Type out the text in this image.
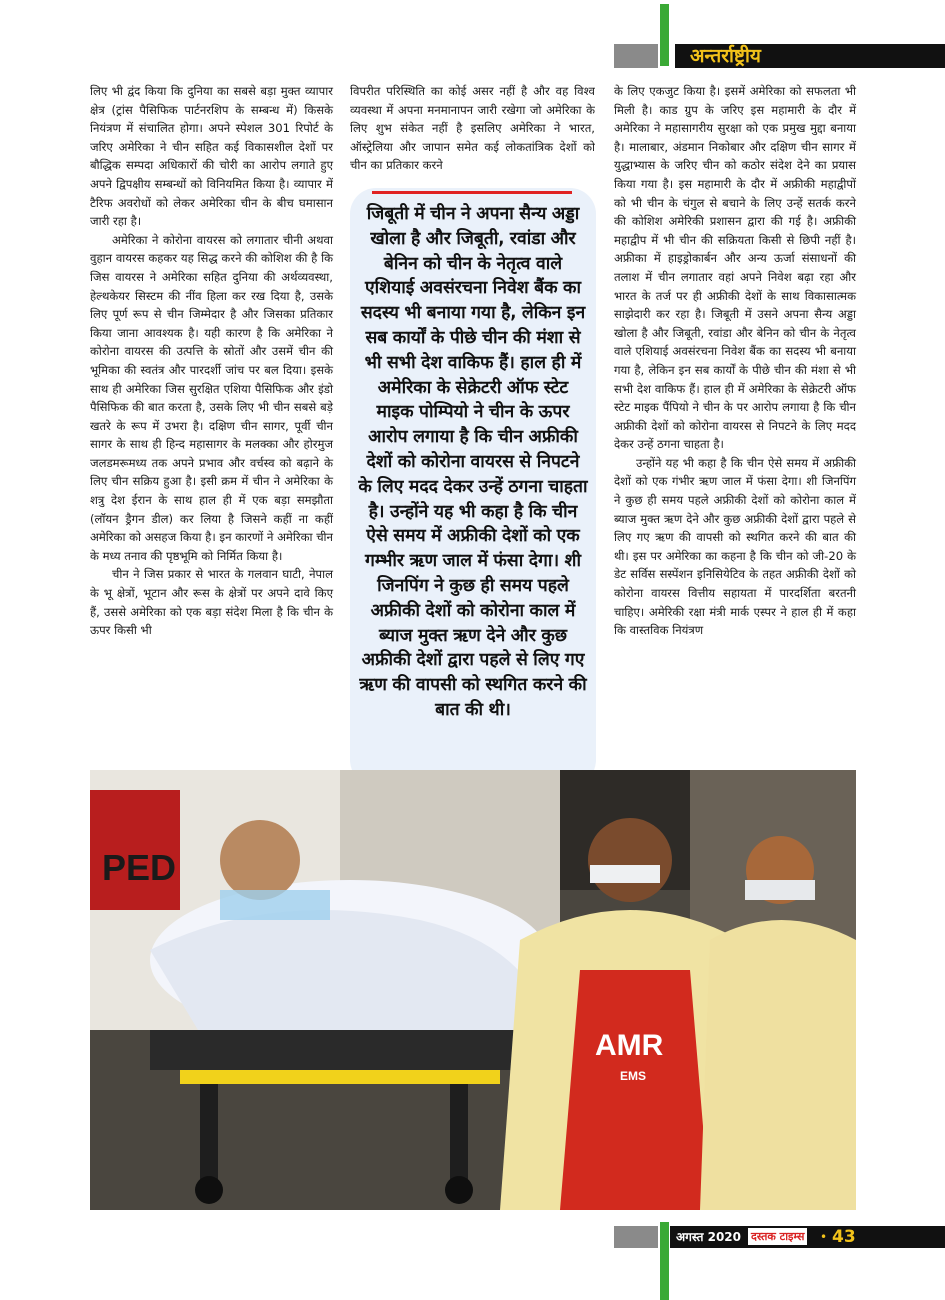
अन्तर्राष्ट्रीय

लिए भी द्वंद किया कि दुनिया का सबसे बड़ा मुक्त व्यापार क्षेत्र (ट्रांस पैसिफिक पार्टनरशिप के सम्बन्ध में) किसके नियंत्रण में संचालित होगा। अपने स्पेशल 301 रिपोर्ट के जरिए अमेरिका ने चीन सहित कई विकासशील देशों पर बौद्धिक सम्पदा अधिकारों की चोरी का आरोप लगाते हुए अपने द्विपक्षीय सम्बन्धों को विनियमित किया है। व्यापार में टैरिफ अवरोधों को लेकर अमेरिका चीन के बीच घमासान जारी रहा है।

अमेरिका ने कोरोना वायरस को लगातार चीनी अथवा वुहान वायरस कहकर यह सिद्ध करने की कोशिश की है कि जिस वायरस ने अमेरिका सहित दुनिया की अर्थव्यवस्था, हेल्थकेयर सिस्टम की नींव हिला कर रख दिया है, उसके लिए पूर्ण रूप से चीन जिम्मेदार है और जिसका प्रतिकार किया जाना आवश्यक है। यही कारण है कि अमेरिका ने कोरोना वायरस की उत्पत्ति के स्रोतों और उसमें चीन की भूमिका की स्वतंत्र और पारदर्शी जांच पर बल दिया। इसके साथ ही अमेरिका जिस सुरक्षित एशिया पैसिफिक और इंडो पैसिफिक की बात करता है, उसके लिए भी चीन सबसे बड़े खतरे के रूप में उभरा है। दक्षिण चीन सागर, पूर्वी चीन सागर के साथ ही हिन्द महासागर के मलक्का और होरमुज जलडमरूमध्य तक अपने प्रभाव और वर्चस्व को बढ़ाने के लिए चीन सक्रिय हुआ है। इसी क्रम में चीन ने अमेरिका के शत्रु देश ईरान के साथ हाल ही में एक बड़ा समझौता (लॉयन ड्रैगन डील) कर लिया है जिसने कहीं ना कहीं अमेरिका को असहज किया है। इन कारणों ने अमेरिका चीन के मध्य तनाव की पृष्ठभूमि को निर्मित किया है।

चीन ने जिस प्रकार से भारत के गलवान घाटी, नेपाल के भू क्षेत्रों, भूटान और रूस के क्षेत्रों पर अपने दावे किए हैं, उससे अमेरिका को एक बड़ा संदेश मिला है कि चीन के ऊपर किसी भी

विपरीत परिस्थिति का कोई असर नहीं है और वह विश्व व्यवस्था में अपना मनमानापन जारी रखेगा जो अमेरिका के लिए शुभ संकेत नहीं है इसलिए अमेरिका ने भारत, ऑस्ट्रेलिया और जापान समेत कई लोकतांत्रिक देशों को चीन का प्रतिकार करने

जिबूती में चीन ने अपना सैन्य अड्डा खोला है और जिबूती, रवांडा और बेनिन को चीन के नेतृत्व वाले एशियाई अवसंरचना निवेश बैंक का सदस्य भी बनाया गया है, लेकिन इन सब कार्यों के पीछे चीन की मंशा से भी सभी देश वाकिफ हैं। हाल ही में अमेरिका के सेक्रेटरी ऑफ स्टेट माइक पोम्पियो ने चीन के ऊपर आरोप लगाया है कि चीन अफ्रीकी देशों को कोरोना वायरस से निपटने के लिए मदद देकर उन्हें ठगना चाहता है। उन्होंने यह भी कहा है कि चीन ऐसे समय में अफ्रीकी देशों को एक गम्भीर ऋण जाल में फंसा देगा। शी जिनपिंग ने कुछ ही समय पहले अफ्रीकी देशों को कोरोना काल में ब्याज मुक्त ऋण देने और कुछ अफ्रीकी देशों द्वारा पहले से लिए गए ऋण की वापसी को स्थगित करने की बात की थी।

के लिए एकजुट किया है। इसमें अमेरिका को सफलता भी मिली है। काड ग्रुप के जरिए इस महामारी के दौर में अमेरिका ने महासागरीय सुरक्षा को एक प्रमुख मुद्दा बनाया है। मालाबार, अंडमान निकोबार और दक्षिण चीन सागर में युद्धाभ्यास के जरिए चीन को कठोर संदेश देने का प्रयास किया गया है। इस महामारी के दौर में अफ्रीकी महाद्वीपों को भी चीन के चंगुल से बचाने के लिए उन्हें सतर्क करने की कोशिश अमेरिकी प्रशासन द्वारा की गई है। अफ्रीकी महाद्वीप में भी चीन की सक्रियता किसी से छिपी नहीं है। अफ्रीका में हाइड्रोकार्बन और अन्य ऊर्जा संसाधनों की तलाश में चीन लगातार वहां अपने निवेश बढ़ा रहा और भारत के तर्ज पर ही अफ्रीकी देशों के साथ विकासात्मक साझेदारी कर रहा है। जिबूती में उसने अपना सैन्य अड्डा खोला है और जिबूती, रवांडा और बेनिन को चीन के नेतृत्व वाले एशियाई अवसंरचना निवेश बैंक का सदस्य भी बनाया गया है, लेकिन इन सब कार्यों के पीछे चीन की मंशा से भी सभी देश वाकिफ हैं। हाल ही में अमेरिका के सेक्रेटरी ऑफ स्टेट माइक पैंपियो ने चीन के पर आरोप लगाया है कि चीन अफ्रीकी देशों को कोरोना वायरस से निपटने के लिए मदद देकर उन्हें ठगना चाहता है।

उन्होंने यह भी कहा है कि चीन ऐसे समय में अफ्रीकी देशों को एक गंभीर ऋण जाल में फंसा देगा। शी जिनपिंग ने कुछ ही समय पहले अफ्रीकी देशों को कोरोना काल में ब्याज मुक्त ऋण देने और कुछ अफ्रीकी देशों द्वारा पहले से लिए गए ऋण की वापसी को स्थगित करने की बात की थी। इस पर अमेरिका का कहना है कि चीन को जी-20 के डेट सर्विस सस्पेंशन इनिसियेटिव के तहत अफ्रीकी देशों को कोरोना वायरस वित्तीय सहायता में पारदर्शिता बरतनी चाहिए। अमेरिकी रक्षा मंत्री मार्क एस्पर ने हाल ही में कहा कि वास्तविक नियंत्रण

PED
AMR
EMS
अगस्त 2020 दस्तक टाइम्स • 43
